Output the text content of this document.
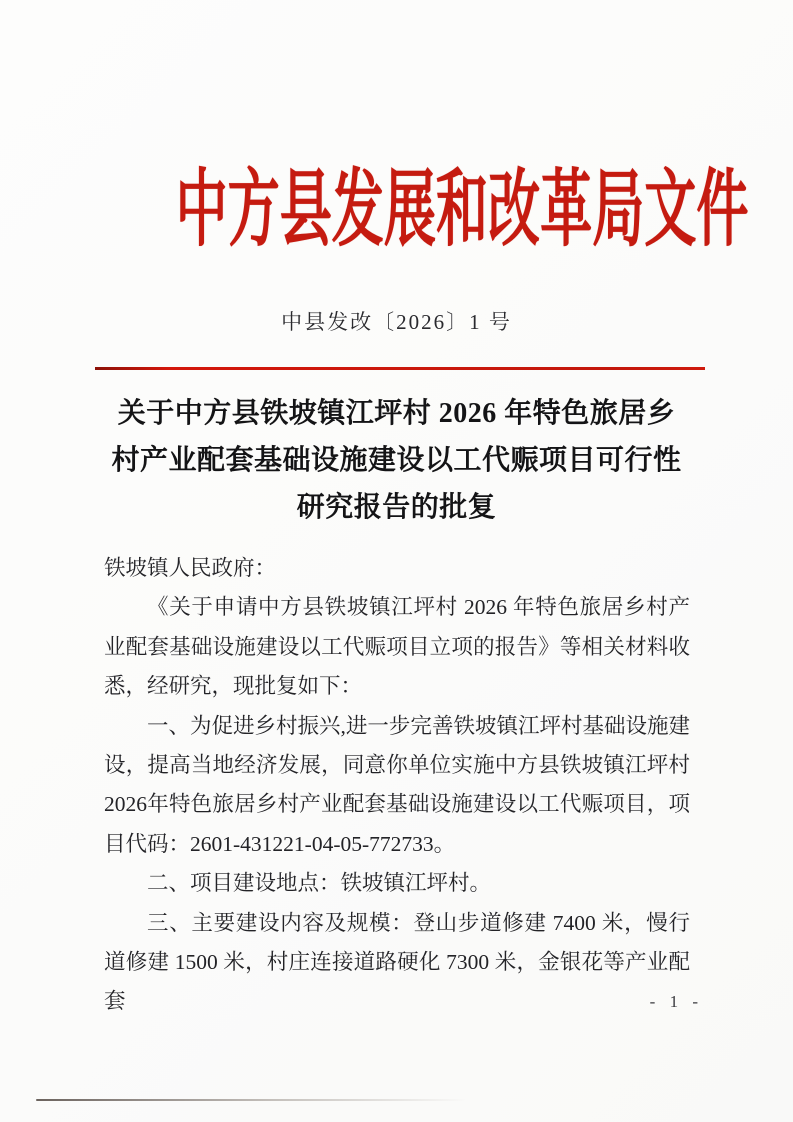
中方县发展和改革局文件
中县发改〔2026〕1 号
关于中方县铁坡镇江坪村 2026 年特色旅居乡
村产业配套基础设施建设以工代赈项目可行性
研究报告的批复

铁坡镇人民政府：

《关于申请中方县铁坡镇江坪村 2026 年特色旅居乡村产业配套基础设施建设以工代赈项目立项的报告》等相关材料收悉，经研究，现批复如下：

一、为促进乡村振兴,进一步完善铁坡镇江坪村基础设施建设，提高当地经济发展，同意你单位实施中方县铁坡镇江坪村2026年特色旅居乡村产业配套基础设施建设以工代赈项目，项目代码：2601-431221-04-05-772733。

二、项目建设地点：铁坡镇江坪村。

三、主要建设内容及规模：登山步道修建 7400 米，慢行道修建 1500 米，村庄连接道路硬化 7300 米，金银花等产业配套	- 1 -
